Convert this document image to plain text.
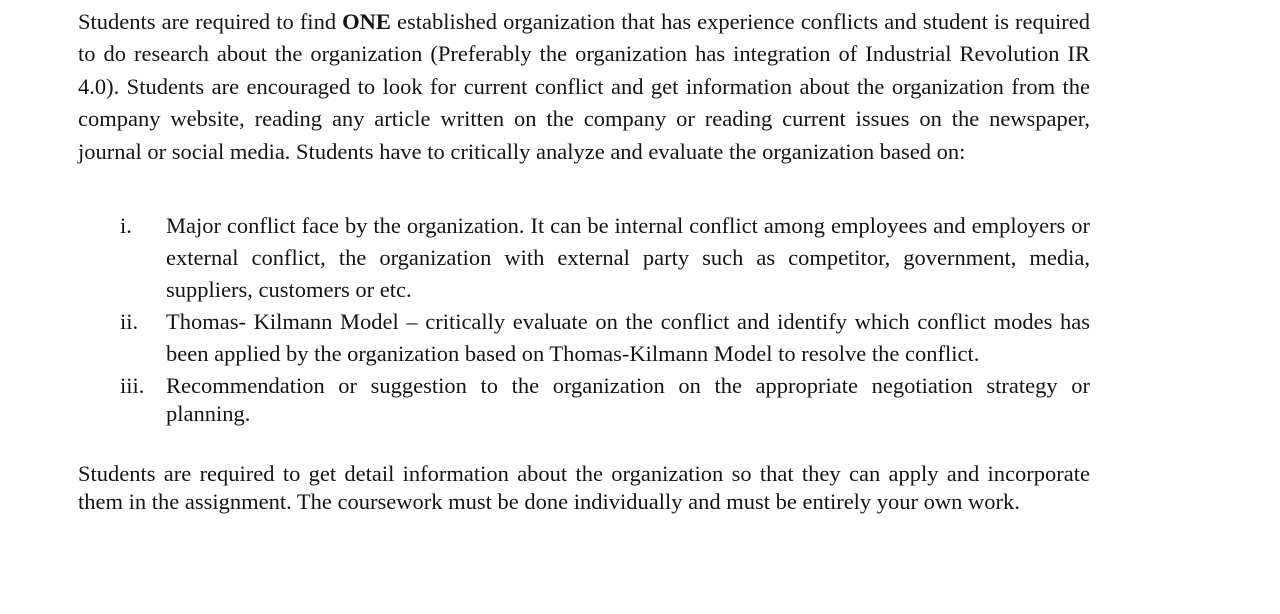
Students are required to find ONE established organization that has experience conflicts and student is required to do research about the organization (Preferably the organization has integration of Industrial Revolution IR 4.0). Students are encouraged to look for current conflict and get information about the organization from the company website, reading any article written on the company or reading current issues on the newspaper, journal or social media. Students have to critically analyze and evaluate the organization based on:

i. Major conflict face by the organization. It can be internal conflict among employees and employers or external conflict, the organization with external party such as competitor, government, media, suppliers, customers or etc.
ii. Thomas- Kilmann Model – critically evaluate on the conflict and identify which conflict modes has been applied by the organization based on Thomas-Kilmann Model to resolve the conflict.
iii. Recommendation or suggestion to the organization on the appropriate negotiation strategy or planning.

Students are required to get detail information about the organization so that they can apply and incorporate them in the assignment. The coursework must be done individually and must be entirely your own work.
